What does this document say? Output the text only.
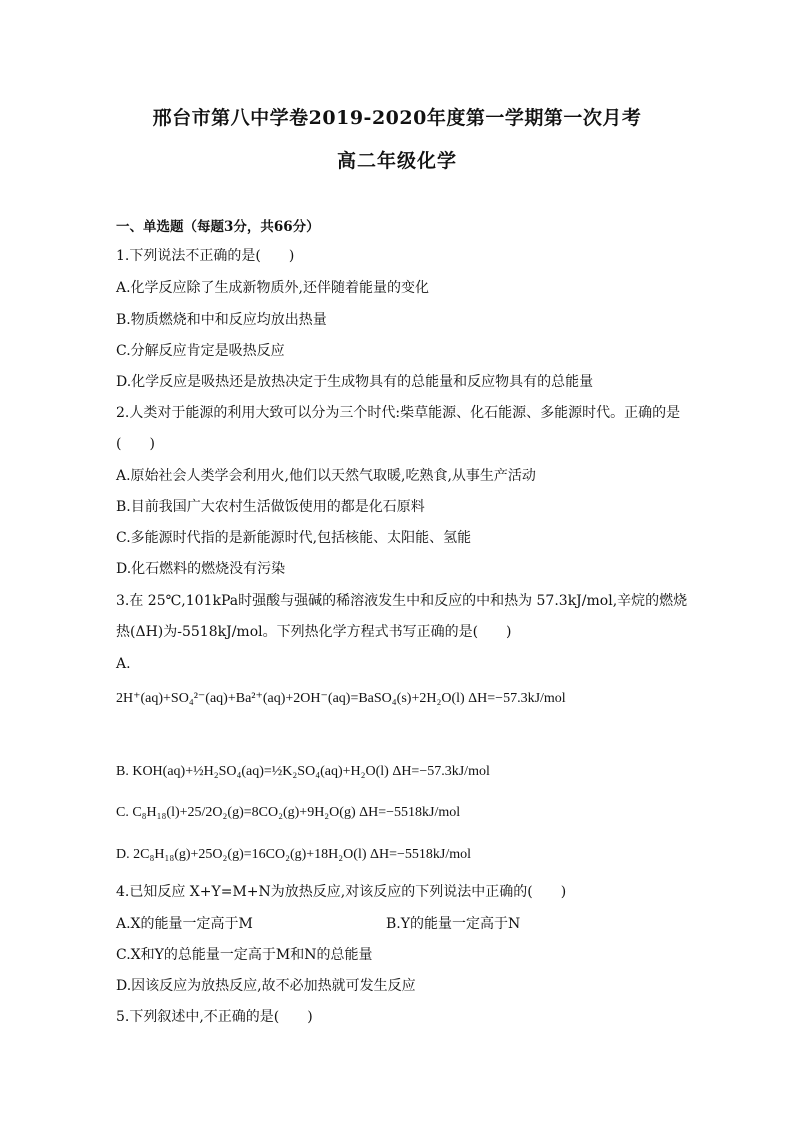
邢台市第八中学卷2019-2020年度第一学期第一次月考
高二年级化学
一、单选题（每题3分，共66分）
1.下列说法不正确的是(　　)
A.化学反应除了生成新物质外,还伴随着能量的变化
B.物质燃烧和中和反应均放出热量
C.分解反应肯定是吸热反应
D.化学反应是吸热还是放热决定于生成物具有的总能量和反应物具有的总能量
2.人类对于能源的利用大致可以分为三个时代:柴草能源、化石能源、多能源时代。正确的是
(　　)
A.原始社会人类学会利用火,他们以天然气取暖,吃熟食,从事生产活动
B.目前我国广大农村生活做饭使用的都是化石原料
C.多能源时代指的是新能源时代,包括核能、太阳能、氢能
D.化石燃料的燃烧没有污染
3.在 25℃,101kPa时强酸与强碱的稀溶液发生中和反应的中和热为 57.3kJ/mol,辛烷的燃烧
热(ΔH)为-5518kJ/mol。下列热化学方程式书写正确的是(　　)
A.
2H⁺(aq)+SO₄²⁻(aq)+Ba²⁺(aq)+2OH⁻(aq)=BaSO₄(s)+2H₂O(l) ΔH=−57.3kJ/mol
B. KOH(aq)+½H₂SO₄(aq)=½K₂SO₄(aq)+H₂O(l) ΔH=−57.3kJ/mol
C. C₈H₁₈(l)+25/2O₂(g)=8CO₂(g)+9H₂O(g) ΔH=−5518kJ/mol
D. 2C₈H₁₈(g)+25O₂(g)=16CO₂(g)+18H₂O(l) ΔH=−5518kJ/mol
4.已知反应 X+Y=M+N为放热反应,对该反应的下列说法中正确的(　　)
A.X的能量一定高于M	B.Y的能量一定高于N
C.X和Y的总能量一定高于M和N的总能量
D.因该反应为放热反应,故不必加热就可发生反应
5.下列叙述中,不正确的是(　　)
